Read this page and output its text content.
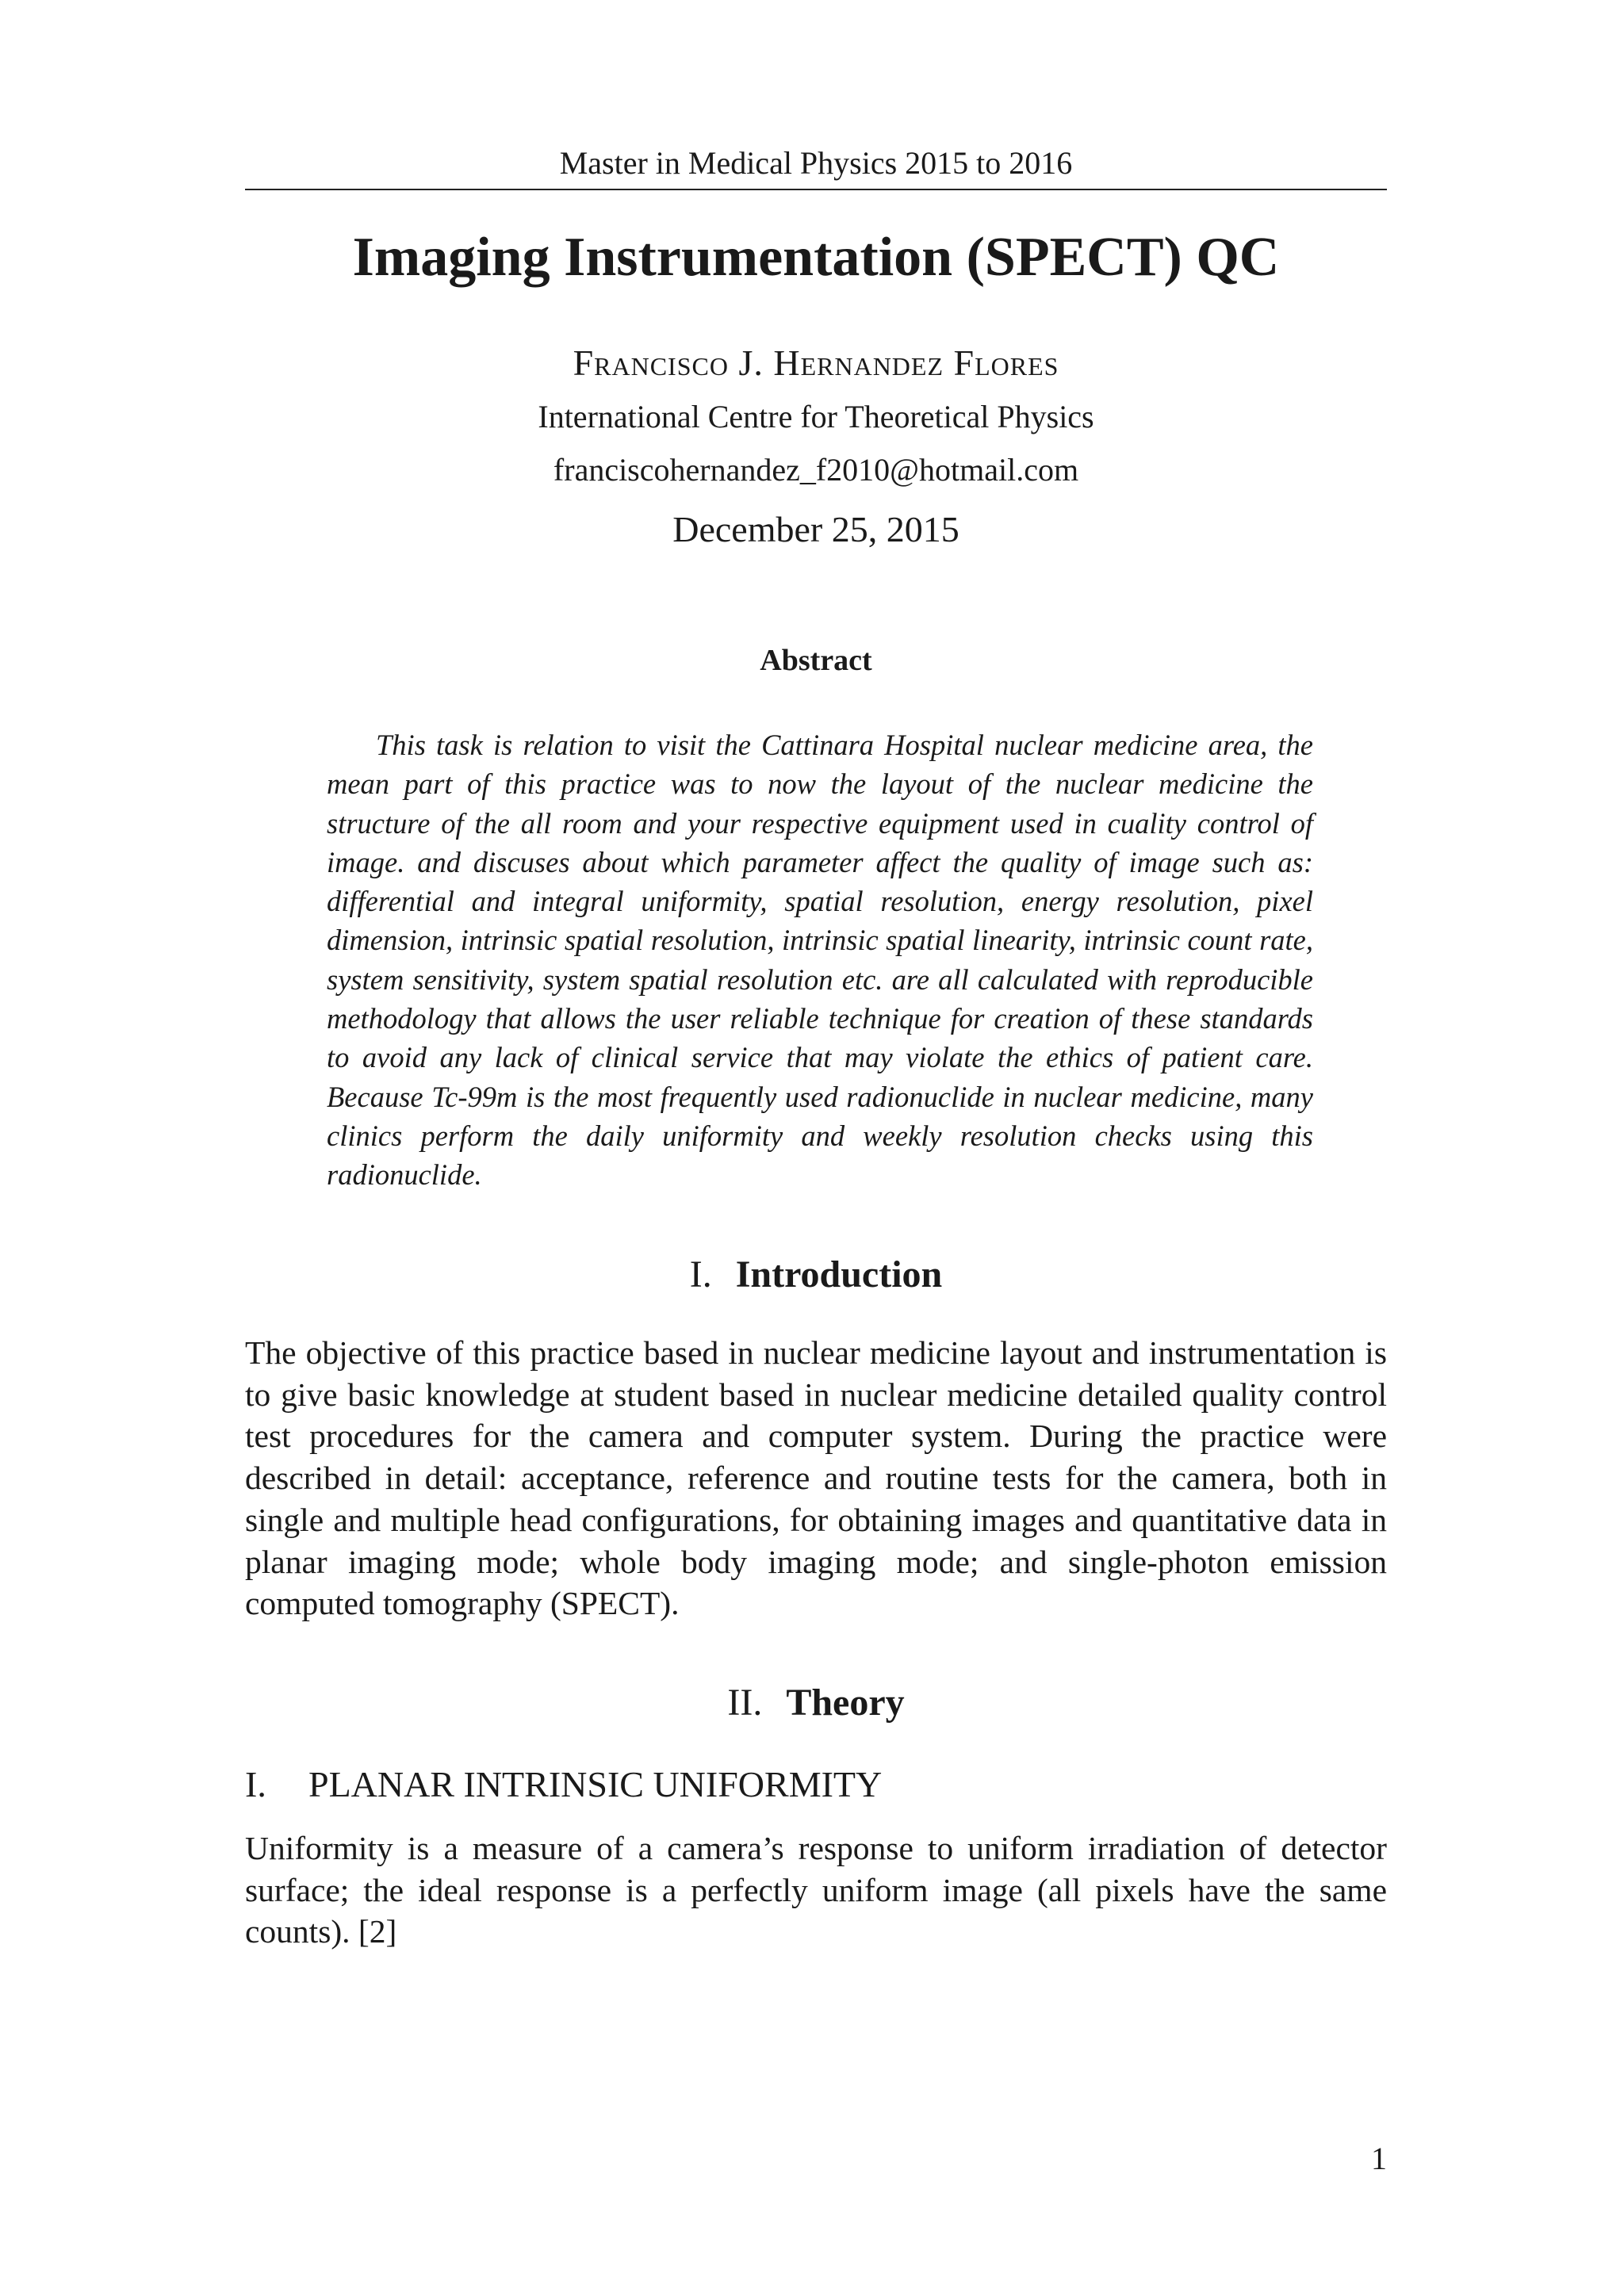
Master in Medical Physics 2015 to 2016
Imaging Instrumentation (SPECT) QC
Francisco J. Hernandez Flores
International Centre for Theoretical Physics
franciscohernandez_f2010@hotmail.com
December 25, 2015
Abstract

This task is relation to visit the Cattinara Hospital nuclear medicine area, the mean part of this practice was to now the layout of the nuclear medicine the structure of the all room and your respective equipment used in cuality control of image. and discuses about which parameter affect the quality of image such as: differential and integral uniformity, spatial resolution, energy resolution, pixel dimension, intrinsic spatial resolution, intrinsic spatial linearity, intrinsic count rate, system sensitivity, system spatial resolution etc. are all calculated with reproducible methodology that allows the user reliable technique for creation of these standards to avoid any lack of clinical service that may violate the ethics of patient care. Because Tc-99m is the most frequently used radionuclide in nuclear medicine, many clinics perform the daily uniformity and weekly resolution checks using this radionuclide.

I. Introduction

The objective of this practice based in nuclear medicine layout and instrumentation is to give basic knowledge at student based in nuclear medicine detailed quality control test procedures for the camera and computer system. During the practice were described in detail: acceptance, reference and routine tests for the camera, both in single and multiple head configurations, for obtaining images and quantitative data in planar imaging mode; whole body imaging mode; and single-photon emission computed tomography (SPECT).

II. Theory
I. PLANAR INTRINSIC UNIFORMITY

Uniformity is a measure of a camera’s response to uniform irradiation of detector surface; the ideal response is a perfectly uniform image (all pixels have the same counts). [2]

1
